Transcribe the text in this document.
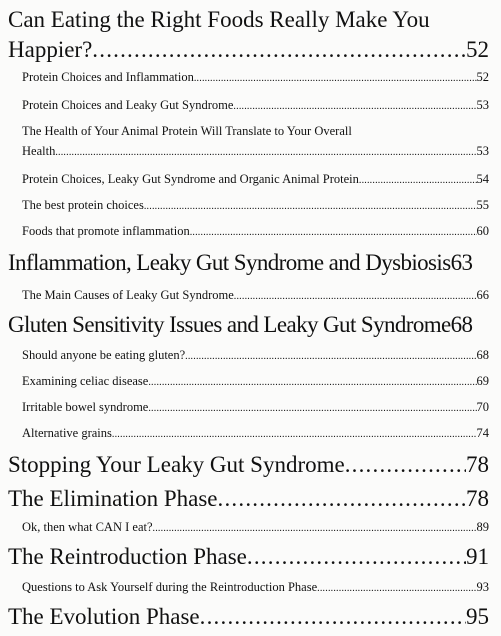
Can Eating the Right Foods Really Make You
Happier? .....	52
Protein Choices and Inflammation .....	52
Protein Choices and Leaky Gut Syndrome .....	53
The Health of Your Animal Protein Will Translate to Your Overall
Health .....	53
Protein Choices, Leaky Gut Syndrome and Organic Animal Protein .....	54
The best protein choices .....	55
Foods that promote inflammation .....	60
Inflammation, Leaky Gut Syndrome and Dysbiosis 63
The Main Causes of Leaky Gut Syndrome .....	66
Gluten Sensitivity Issues and Leaky Gut Syndrome 68
Should anyone be eating gluten? .....	68
Examining celiac disease .....	69
Irritable bowel syndrome .....	70
Alternative grains .....	74
Stopping Your Leaky Gut Syndrome .....	78
The Elimination Phase .....	78
Ok, then what CAN I eat? .....	89
The Reintroduction Phase .....	91
Questions to Ask Yourself during the Reintroduction Phase .....	93
The Evolution Phase .....	95
